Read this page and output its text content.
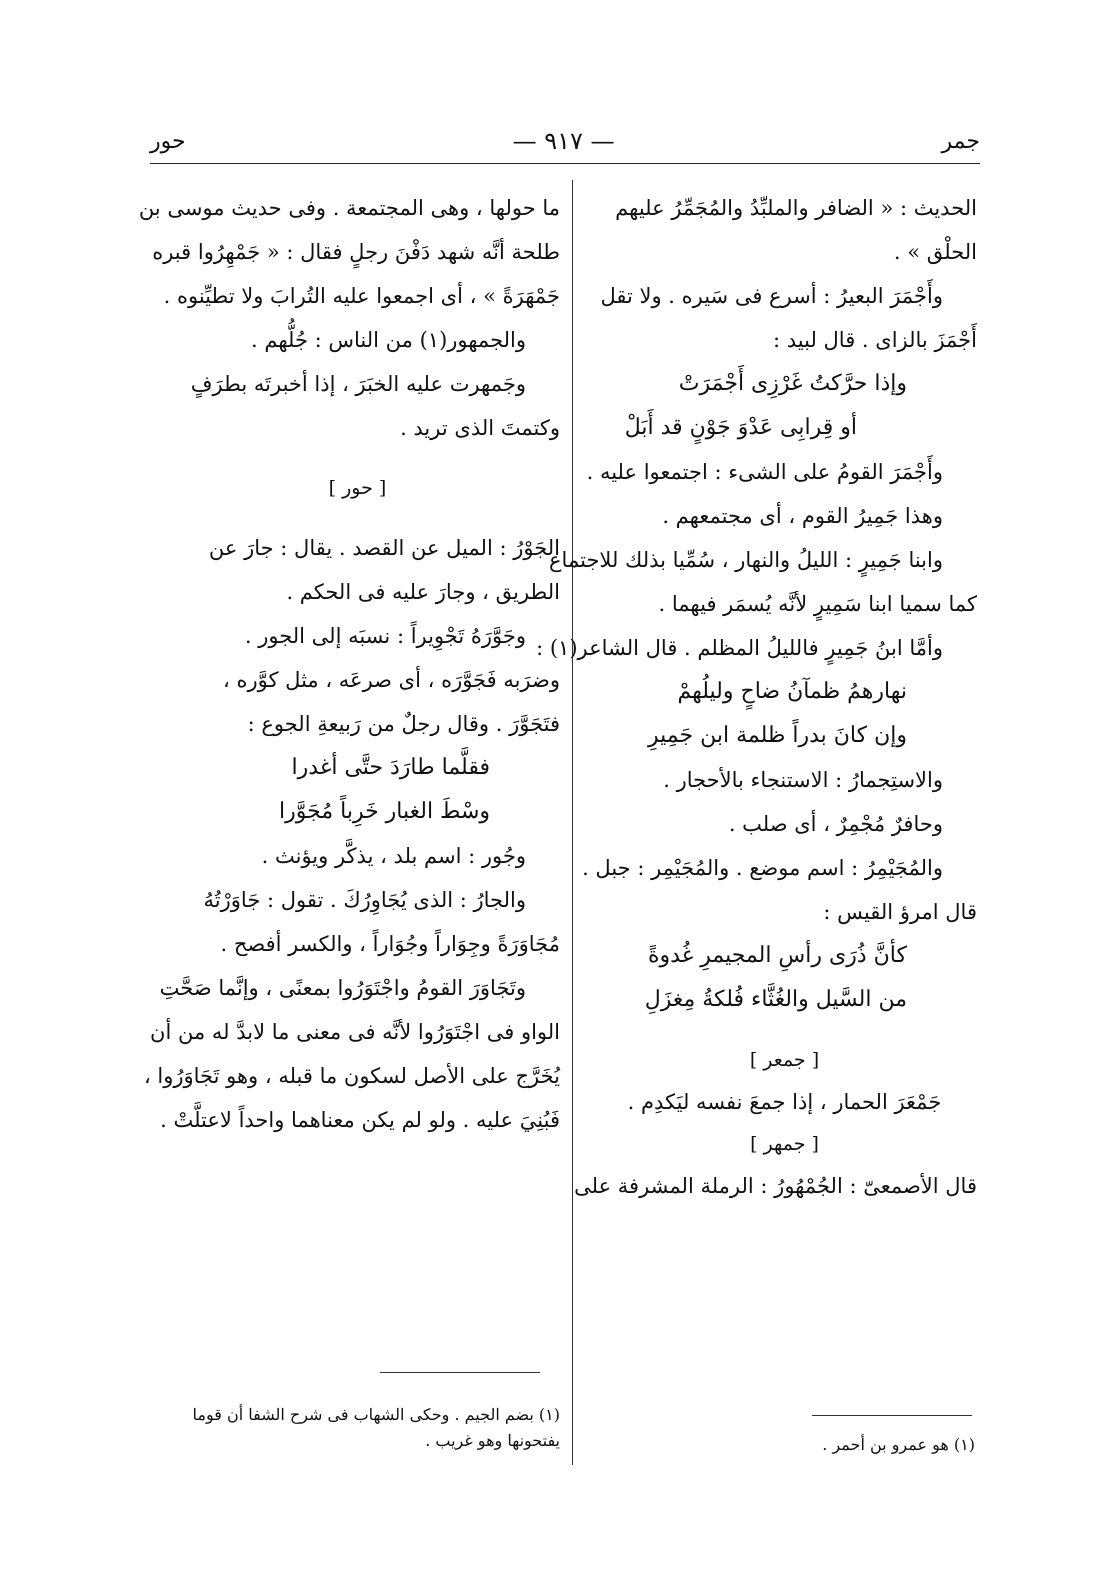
جمر
— ٩١٧ —
حور
الحديث : « الضافر والملبِّدُ والمُجَمِّرُ عليهم
الحلْق » .
وأَجْمَرَ البعيرُ : أسرع فى سَيره . ولا تقل
أَجْمَزَ بالزاى . قال لبيد :
وإذا حرَّكتُ غَرْزِى أَجْمَرَتْ
أو قِرابِى عَدْوَ جَوْنٍ قد أَبَلْ
وأَجْمَرَ القومُ على الشىء : اجتمعوا عليه .
وهذا جَمِيرُ القوم ، أى مجتمعهم .
وابنا جَمِيرٍ : الليلُ والنهار ، سُمِّيا بذلك للاجتماع
كما سميا ابنا سَمِيرٍ لأنَّه يُسمَر فيهما .
وأمَّا ابنُ جَمِيرٍ فالليلُ المظلم . قال الشاعر(١) :
نهارهمُ ظمآنُ ضاحٍ وليلُهمْ
وإن كانَ بدراً ظلمة ابن جَمِيرِ
والاستِجمارُ : الاستنجاء بالأحجار .
وحافرٌ مُجْمِرٌ ، أى صلب .
والمُجَيْمِرُ : اسم موضع . والمُجَيْمِر : جبل .
قال امرؤ القيس :
كأنَّ ذُرَى رأسِ المجيمرِ غُدوةً
من السَّيل والغُثَّاء فُلكةُ مِغزَلِ
[ جمعر ]
جَمْعَرَ الحمار ، إذا جمعَ نفسه ليَكدِم .
[ جمهر ]
قال الأصمعىّ : الجُمْهُورُ : الرملة المشرفة على
ما حولها ، وهى المجتمعة . وفى حديث موسى بن
طلحة أنَّه شهد دَفْنَ رجلٍ فقال : « جَمْهِرُوا قبره
جَمْهَرَةً » ، أى اجمعوا عليه التُرابَ ولا تطيِّنوه .
والجمهور(١) من الناس : جُلُّهم .
وجَمهرت عليه الخبَرَ ، إذا أخبرتَه بطرَفٍ
وكتمتَ الذى تريد .
[ حور ]
الجَوْرُ : الميل عن القصد . يقال : جارَ عن
الطريق ، وجارَ عليه فى الحكم .
وجَوَّرَهُ تَجْوِيراً : نسبَه إلى الجور .
وضرَبه فَجَوَّرَه ، أى صرعَه ، مثل كوَّره ،
فتَجَوَّرَ . وقال رجلٌ من رَبيعةِ الجوع :
فقلَّما طارَدَ حتَّى أغدرا
وسْطَ الغبار خَرِباً مُجَوَّرا
وجُور : اسم بلد ، يذكَّر ويؤنث .
والجارُ : الذى يُجَاوِرُكَ . تقول : جَاوَرْتُهُ
مُجَاوَرَةً وجِوَاراً وجُوَاراً ، والكسر أفصح .
وتَجَاوَرَ القومُ واجْتَوَرُوا بمعنًى ، وإنَّما صَحَّتِ
الواو فى اجْتَوَرُوا لأنَّه فى معنى ما لابدَّ له من أن
يُخَرَّج على الأصل لسكون ما قبله ، وهو تَجَاوَرُوا ،
فَبُنِيَ عليه . ولو لم يكن معناهما واحداً لاعتلَّتْ .
(١) بضم الجيم . وحكى الشهاب فى شرح الشفا أن قوما يفتحونها وهو غريب .	(١) هو عمرو بن أحمر .
